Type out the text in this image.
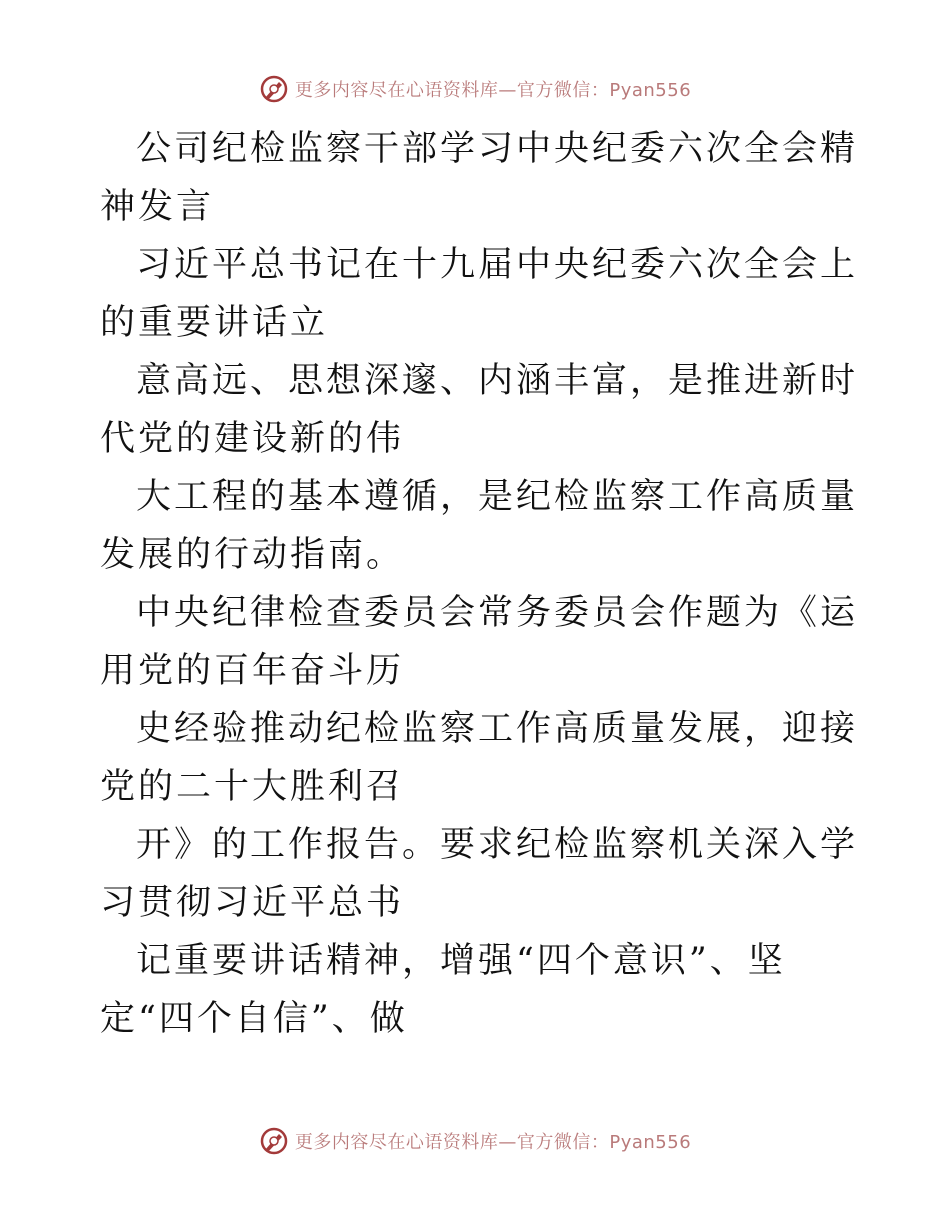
更多内容尽在心语资料库—官方微信：Pyan556

公司纪检监察干部学习中央纪委六次全会精神发言

习近平总书记在十九届中央纪委六次全会上的重要讲话立

意高远、思想深邃、内涵丰富，是推进新时代党的建设新的伟

大工程的基本遵循，是纪检监察工作高质量发展的行动指南。

中央纪律检查委员会常务委员会作题为《运用党的百年奋斗历

史经验推动纪检监察工作高质量发展，迎接党的二十大胜利召

开》的工作报告。要求纪检监察机关深入学习贯彻习近平总书

记重要讲话精神，增强“四个意识”、坚定“四个自信”、做

更多内容尽在心语资料库—官方微信：Pyan556
